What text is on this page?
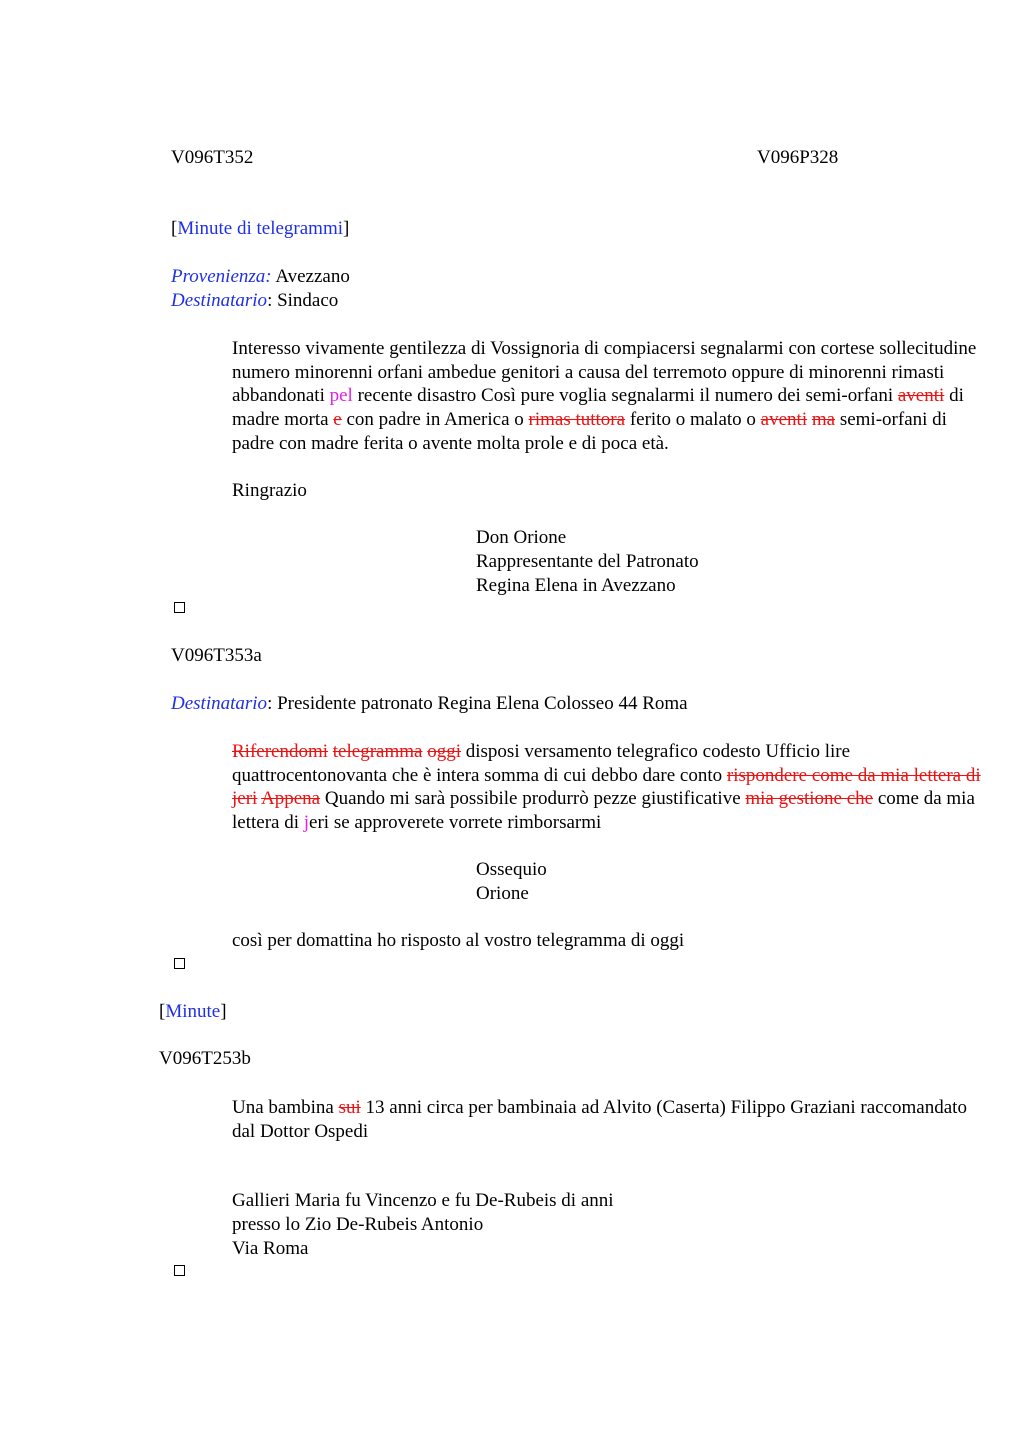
V096T352	V096P328
[Minute di telegrammi]
Provenienza: Avezzano
Destinatario: Sindaco
Interesso vivamente gentilezza di Vossignoria di compiacersi segnalarmi con cortese sollecitudine numero minorenni orfani ambedue genitori a causa del terremoto oppure di minorenni rimasti abbandonati pel recente disastro Così pure voglia segnalarmi il numero dei semi-orfani aventi di madre morta e con padre in America o rimas tuttora ferito o malato o aventi ma semi-orfani di padre con madre ferita o avente molta prole e di poca età.
Ringrazio
Don Orione
Rappresentante del Patronato
Regina Elena in Avezzano
V096T353a
Destinatario: Presidente patronato Regina Elena Colosseo 44 Roma
Riferendomi telegramma oggi disposi versamento telegrafico codesto Ufficio lire quattrocentonovanta che è intera somma di cui debbo dare conto rispondere come da mia lettera di jeri Appena Quando mi sarà possibile produrrò pezze giustificative mia gestione che come da mia lettera di jeri se approverete vorrete rimborsarmi
Ossequio
Orione
così per domattina ho risposto al vostro telegramma di oggi
[Minute]
V096T253b
Una bambina sui 13 anni circa per bambinaia ad Alvito (Caserta) Filippo Graziani raccomandato dal Dottor Ospedi
Gallieri Maria fu Vincenzo e fu De-Rubeis di anni
presso lo Zio De-Rubeis Antonio
Via Roma
